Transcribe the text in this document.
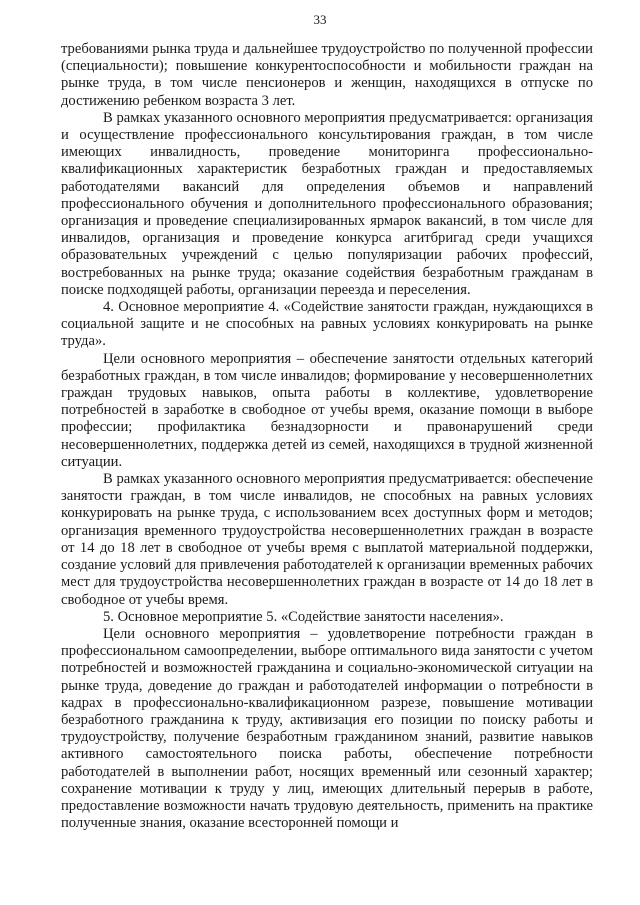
33

требованиями рынка труда и дальнейшее трудоустройство по полученной профессии (специальности); повышение конкурентоспособности и мобильности граждан на рынке труда, в том числе пенсионеров и женщин, находящихся в отпуске по достижению ребенком возраста 3 лет.

В рамках указанного основного мероприятия предусматривается: организация и осуществление профессионального консультирования граждан, в том числе имеющих инвалидность, проведение мониторинга профессионально-квалификационных характеристик безработных граждан и предоставляемых работодателями вакансий для определения объемов и направлений профессионального обучения и дополнительного профессионального образования; организация и проведение специализированных ярмарок вакансий, в том числе для инвалидов, организация и проведение конкурса агитбригад среди учащихся образовательных учреждений с целью популяризации рабочих профессий, востребованных на рынке труда; оказание содействия безработным гражданам в поиске подходящей работы, организации переезда и переселения.

4. Основное мероприятие 4. «Содействие занятости граждан, нуждающихся в социальной защите и не способных на равных условиях конкурировать на рынке труда».

Цели основного мероприятия – обеспечение занятости отдельных категорий безработных граждан, в том числе инвалидов; формирование у несовершеннолетних граждан трудовых навыков, опыта работы в коллективе, удовлетворение потребностей в заработке в свободное от учебы время, оказание помощи в выборе профессии; профилактика безнадзорности и правонарушений среди несовершеннолетних, поддержка детей из семей, находящихся в трудной жизненной ситуации.

В рамках указанного основного мероприятия предусматривается: обеспечение занятости граждан, в том числе инвалидов, не способных на равных условиях конкурировать на рынке труда, с использованием всех доступных форм и методов; организация временного трудоустройства несовершеннолетних граждан в возрасте от 14 до 18 лет в свободное от учебы время с выплатой материальной поддержки, создание условий для привлечения работодателей к организации временных рабочих мест для трудоустройства несовершеннолетних граждан в возрасте от 14 до 18 лет в свободное от учебы время.

5. Основное мероприятие 5. «Содействие занятости населения».

Цели основного мероприятия – удовлетворение потребности граждан в профессиональном самоопределении, выборе оптимального вида занятости с учетом потребностей и возможностей гражданина и социально-экономической ситуации на рынке труда, доведение до граждан и работодателей информации о потребности в кадрах в профессионально-квалификационном разрезе, повышение мотивации безработного гражданина к труду, активизация его позиции по поиску работы и трудоустройству, получение безработным гражданином знаний, развитие навыков активного самостоятельного поиска работы, обеспечение потребности работодателей в выполнении работ, носящих временный или сезонный характер; сохранение мотивации к труду у лиц, имеющих длительный перерыв в работе, предоставление возможности начать трудовую деятельность, применить на практике полученные знания, оказание всесторонней помощи и
